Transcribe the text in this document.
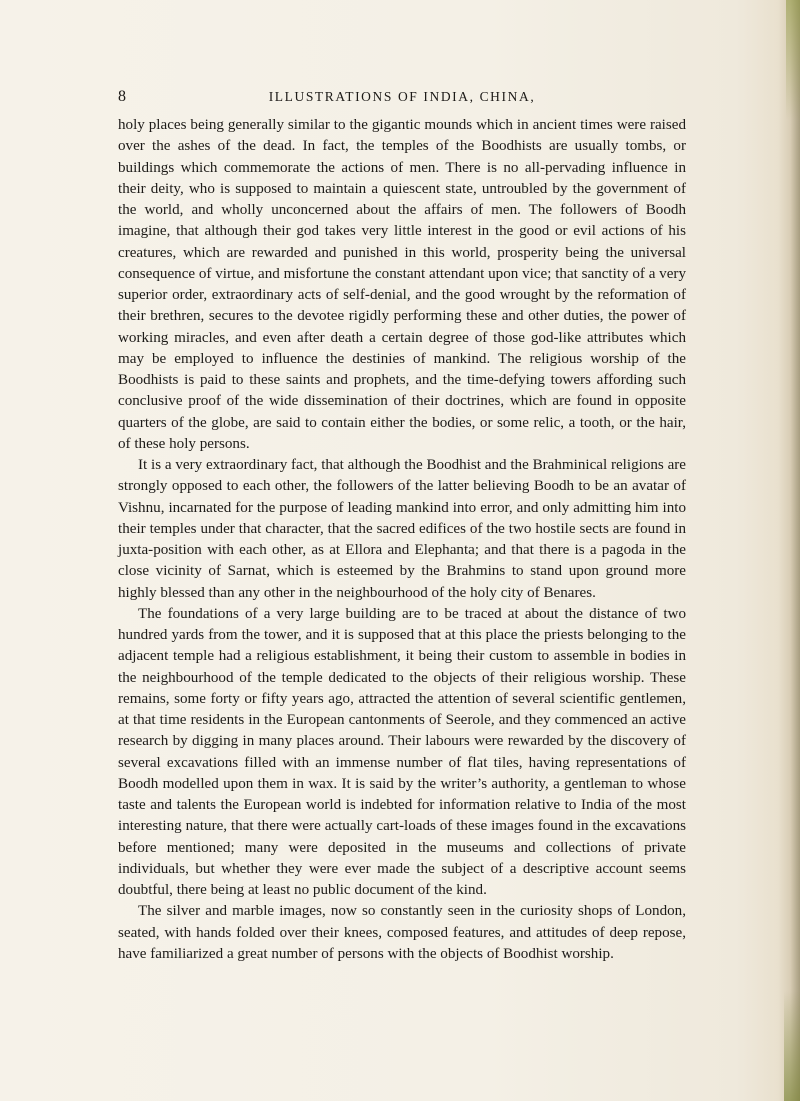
8	ILLUSTRATIONS OF INDIA, CHINA,

holy places being generally similar to the gigantic mounds which in ancient times were raised over the ashes of the dead. In fact, the temples of the Boodhists are usually tombs, or buildings which commemorate the actions of men. There is no all-pervading influence in their deity, who is supposed to maintain a quiescent state, untroubled by the government of the world, and wholly unconcerned about the affairs of men. The followers of Boodh imagine, that although their god takes very little interest in the good or evil actions of his creatures, which are rewarded and punished in this world, prosperity being the universal consequence of virtue, and misfortune the constant attendant upon vice; that sanctity of a very superior order, extraordinary acts of self-denial, and the good wrought by the reformation of their brethren, secures to the devotee rigidly performing these and other duties, the power of working miracles, and even after death a certain degree of those god-like attributes which may be employed to influence the destinies of mankind. The religious worship of the Boodhists is paid to these saints and prophets, and the time-defying towers affording such conclusive proof of the wide dissemination of their doctrines, which are found in opposite quarters of the globe, are said to contain either the bodies, or some relic, a tooth, or the hair, of these holy persons.

It is a very extraordinary fact, that although the Boodhist and the Brahminical religions are strongly opposed to each other, the followers of the latter believing Boodh to be an avatar of Vishnu, incarnated for the purpose of leading mankind into error, and only admitting him into their temples under that character, that the sacred edifices of the two hostile sects are found in juxta-position with each other, as at Ellora and Elephanta; and that there is a pagoda in the close vicinity of Sarnat, which is esteemed by the Brahmins to stand upon ground more highly blessed than any other in the neighbourhood of the holy city of Benares.

The foundations of a very large building are to be traced at about the distance of two hundred yards from the tower, and it is supposed that at this place the priests belonging to the adjacent temple had a religious establishment, it being their custom to assemble in bodies in the neighbourhood of the temple dedicated to the objects of their religious worship. These remains, some forty or fifty years ago, attracted the attention of several scientific gentlemen, at that time residents in the European cantonments of Seerole, and they commenced an active research by digging in many places around. Their labours were rewarded by the discovery of several excavations filled with an immense number of flat tiles, having representations of Boodh modelled upon them in wax. It is said by the writer’s authority, a gentleman to whose taste and talents the European world is indebted for information relative to India of the most interesting nature, that there were actually cart-loads of these images found in the excavations before mentioned; many were deposited in the museums and collections of private individuals, but whether they were ever made the subject of a descriptive account seems doubtful, there being at least no public document of the kind.

The silver and marble images, now so constantly seen in the curiosity shops of London, seated, with hands folded over their knees, composed features, and attitudes of deep repose, have familiarized a great number of persons with the objects of Boodhist worship.
